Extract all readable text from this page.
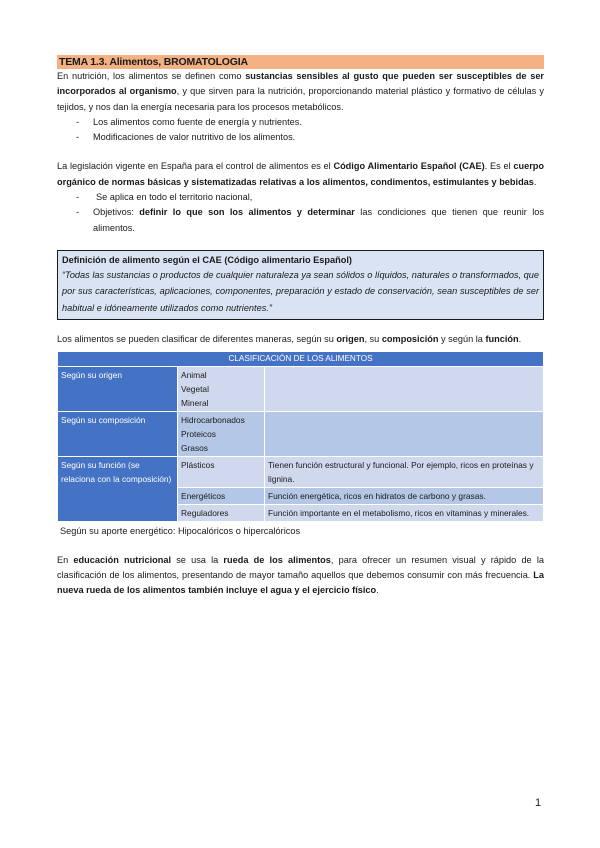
TEMA 1.3. Alimentos, BROMATOLOGIA

En nutrición, los alimentos se definen como sustancias sensibles al gusto que pueden ser susceptibles de ser incorporados al organismo, y que sirven para la nutrición, proporcionando material plástico y formativo de células y tejidos, y nos dan la energía necesaria para los procesos metabólicos.

- Los alimentos como fuente de energía y nutrientes.
- Modificaciones de valor nutritivo de los alimentos.

La legislación vigente en España para el control de alimentos es el Código Alimentario Español (CAE). Es el cuerpo orgánico de normas básicas y sistematizadas relativas a los alimentos, condimentos, estimulantes y bebidas.

- Se aplica en todo el territorio nacional,
- Objetivos: definir lo que son los alimentos y determinar las condiciones que tienen que reunir los alimentos.
Definición de alimento según el CAE (Código alimentario Español)
“Todas las sustancias o productos de cualquier naturaleza ya sean sólidos o líquidos, naturales o transformados, que por sus características, aplicaciones, componentes, preparación y estado de conservación, sean susceptibles de ser habitual e idóneamente utilizados como nutrientes.”

Los alimentos se pueden clasificar de diferentes maneras, según su origen, su composición y según la función.

CLASIFICACIÓN DE LOS ALIMENTOS		
Según su origen	Animal
Vegetal
Mineral	

Según su composición	Hidrocarbonados
Proteicos
Grasos	

Según su función (se relaciona con la composición)	Plásticos	Tienen función estructural y funcional. Por ejemplo, ricos en proteínas y lignina.
	Energéticos	Función energética, ricos en hidratos de carbono y grasas.
	Reguladores	Función importante en el metabolismo, ricos en vitaminas y minerales.
Según su aporte energético: Hipocalóricos o hipercalóricos

En educación nutricional se usa la rueda de los alimentos, para ofrecer un resumen visual y rápido de la clasificación de los alimentos, presentando de mayor tamaño aquellos que debemos consumir con más frecuencia. La nueva rueda de los alimentos también incluye el agua y el ejercicio físico.

1
